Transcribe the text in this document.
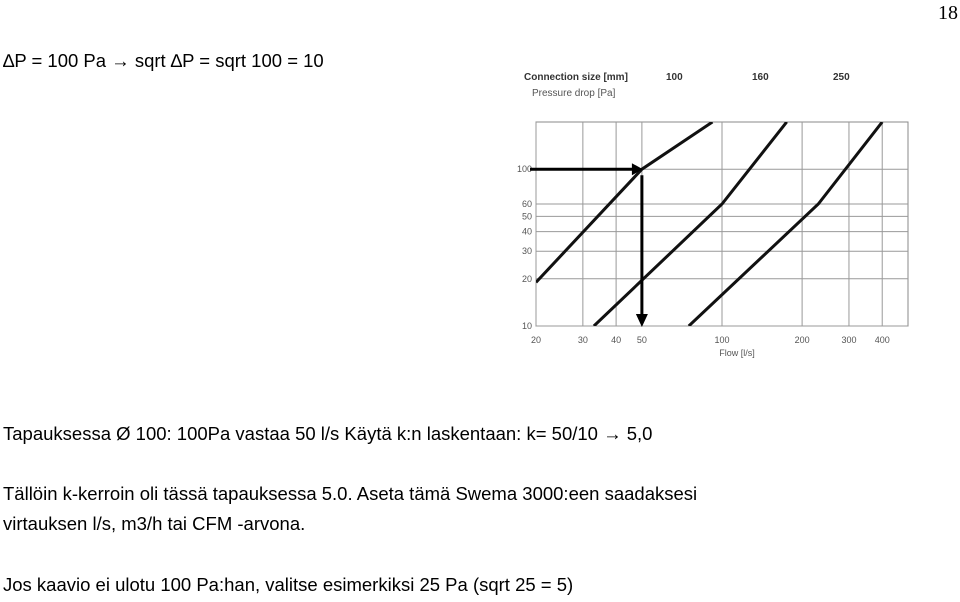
18
∆P = 100 Pa → sqrt ∆P = sqrt 100 = 10
Connection size [mm]
Pressure drop [Pa]
100	160	250
20	30	40 50	100	200	300 400
10
20
30
40
50
60
100
Flow [l/s]
Tapauksessa Ø 100: 100Pa vastaa 50 l/s Käytä k:n laskentaan: k= 50/10 → 5,0
Tällöin k-kerroin oli tässä tapauksessa 5.0. Aseta tämä Swema 3000:een saadaksesi
virtauksen l/s, m3/h tai CFM -arvona.
Jos kaavio ei ulotu 100 Pa:han, valitse esimerkiksi 25 Pa (sqrt 25 = 5)
